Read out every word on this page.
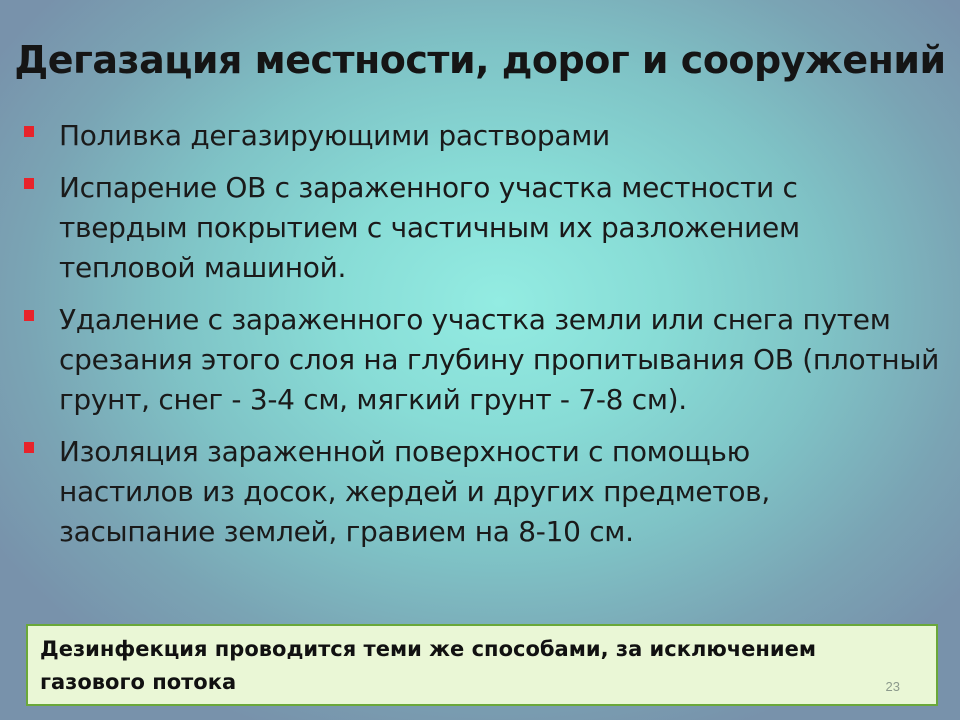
Дегазация местности, дорог и сооружений
Поливка дегазирующими растворами
Испарение ОВ с зараженного участка местности с твердым покрытием с частичным их разложением тепловой машиной.
Удаление с зараженного участка земли или снега путем срезания этого слоя на глубину пропитывания ОВ (плотный грунт, снег - 3-4 см, мягкий грунт - 7-8 см).
Изоляция зараженной поверхности с помощью настилов из досок, жердей и других предметов, засыпание землей, гравием на 8-10 см.
Дезинфекция проводится теми же способами, за исключением газового потока	23
